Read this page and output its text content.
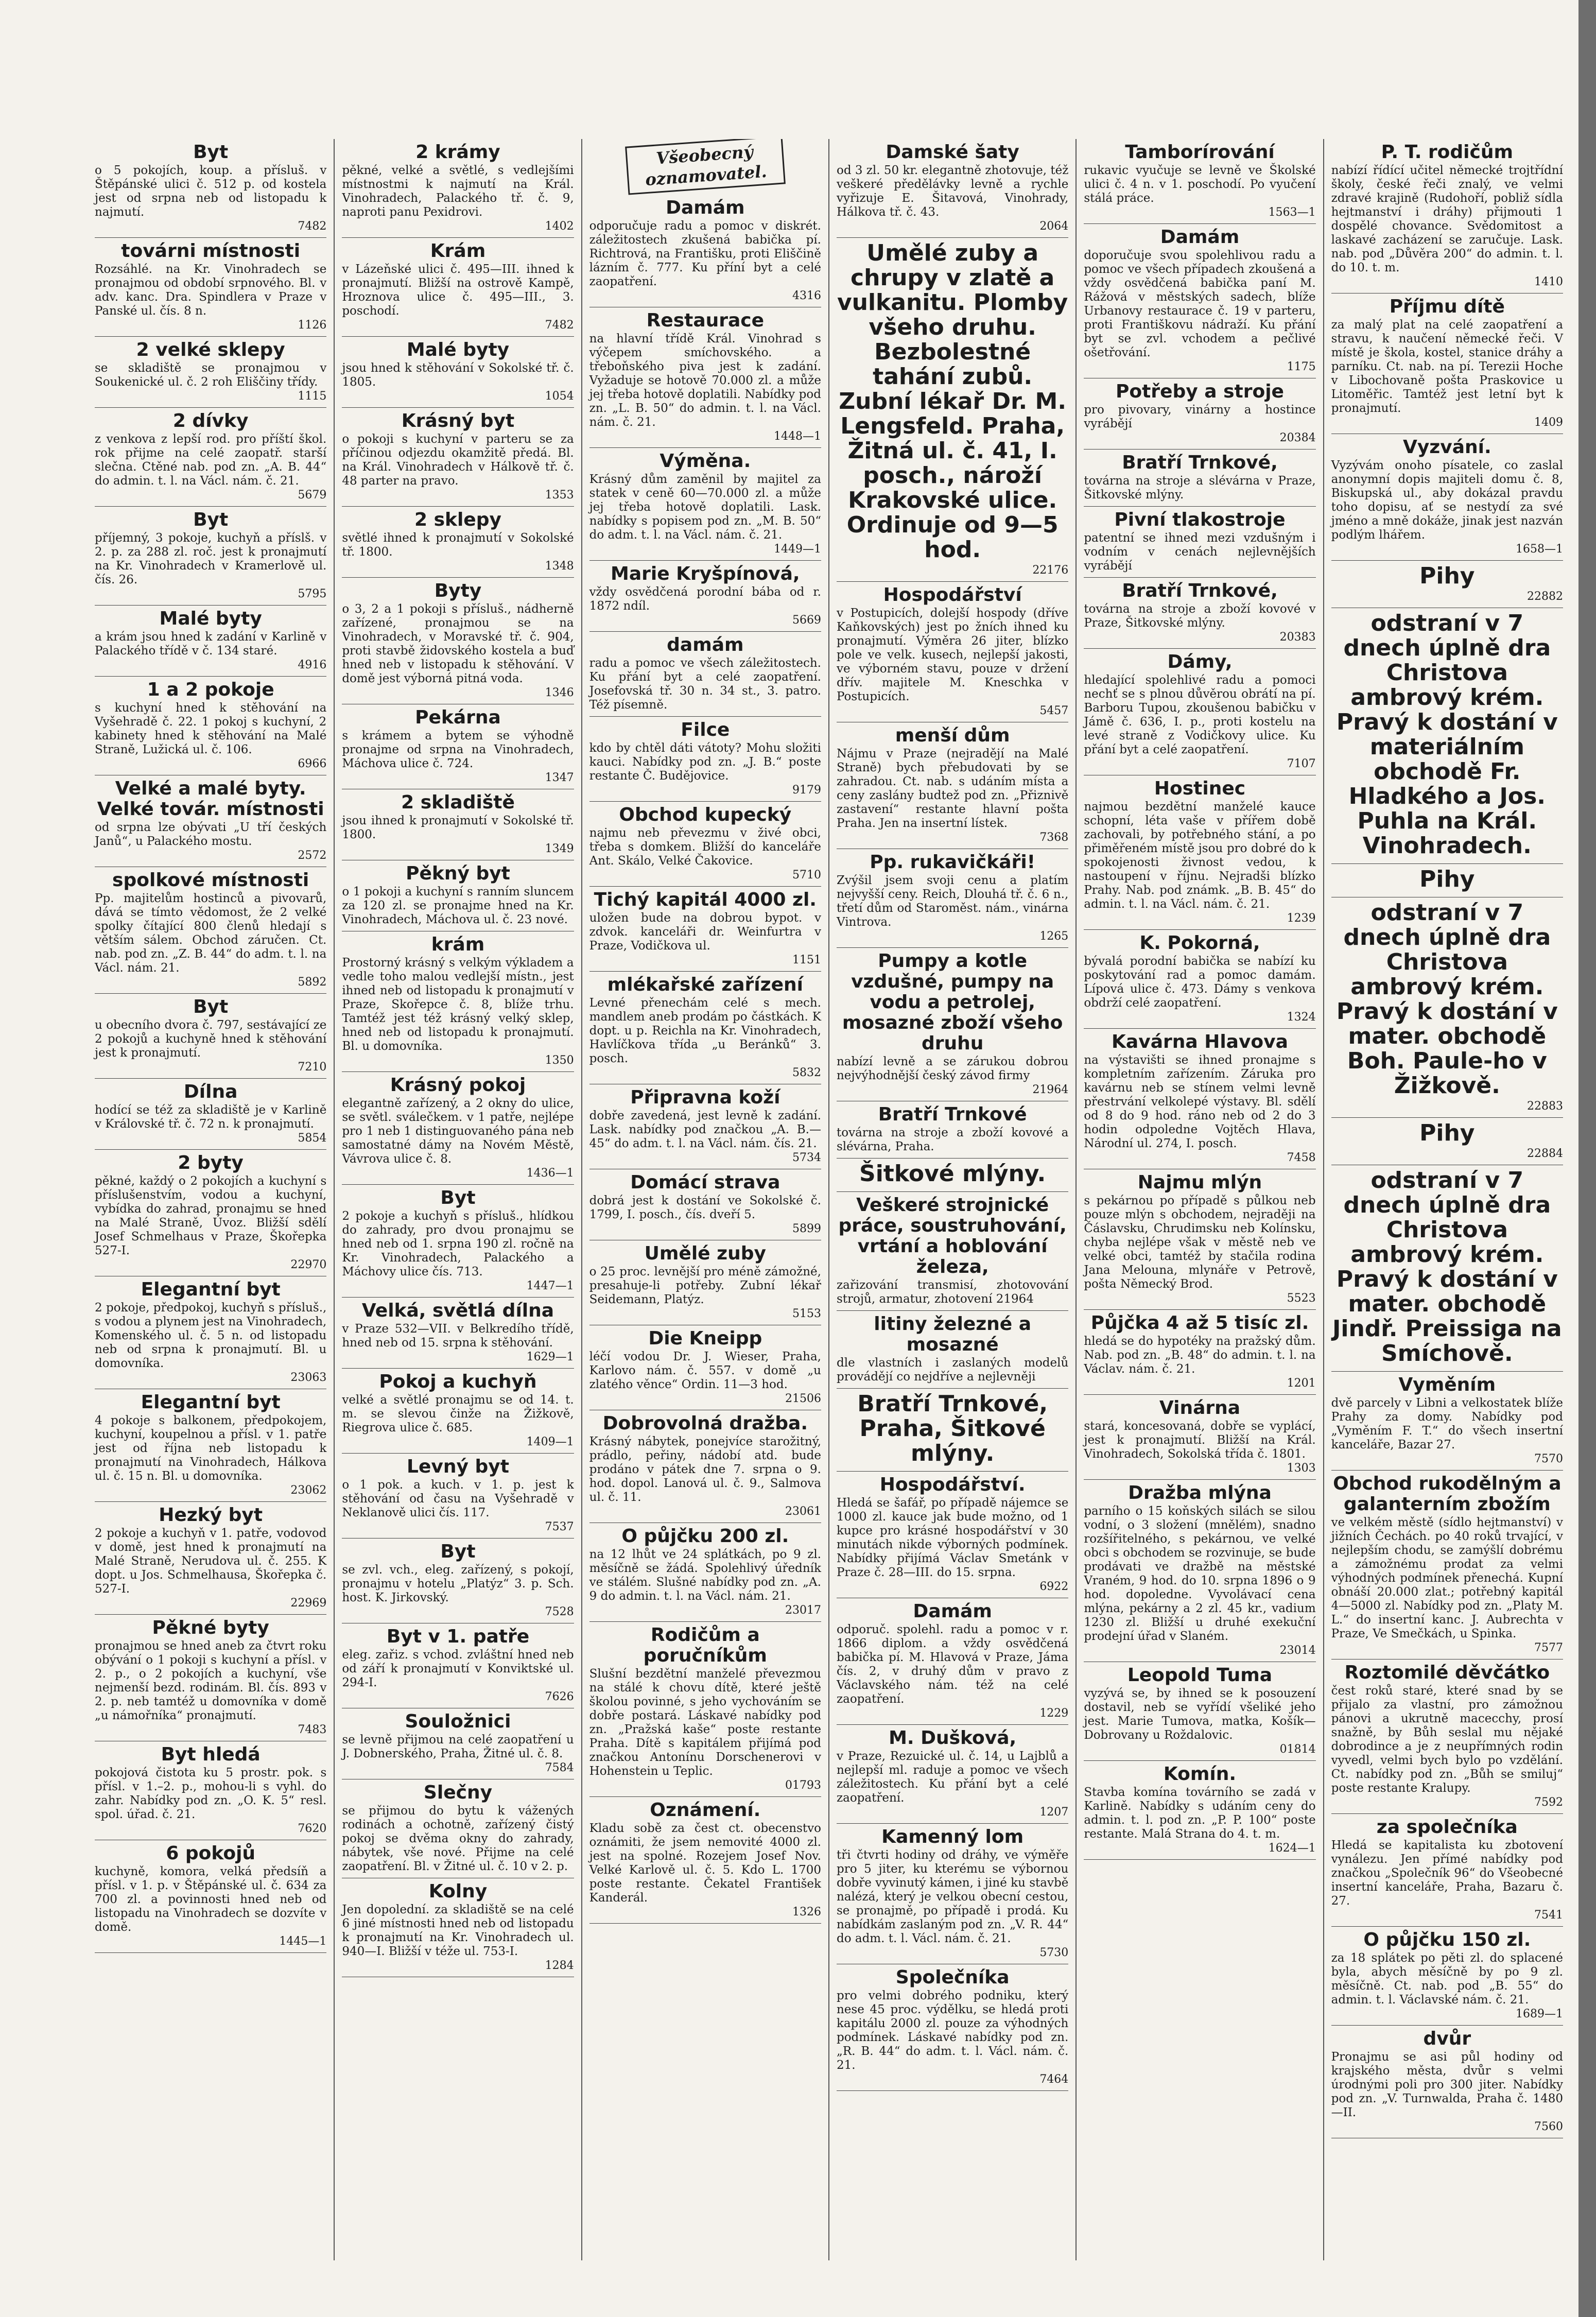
Byt
o 5 pokojích, koup. a přísluš. v Štěpánské ulici č. 512 p. od kostela jest od srpna neb od listopadu k najmutí.
7482
továrni místnosti
Rozsáhlé. na Kr. Vinohradech se pronajmou od období srpnového. Bl. v adv. kanc. Dra. Spindlera v Praze v Panské ul. čís. 8 n.
1126
2 velké sklepy
se skladiště se pronajmou v Soukenické ul. č. 2 roh Eliščiny třídy.
1115
2 dívky
z venkova z lepší rod. pro příští škol. rok přijme na celé zaopatř. starší slečna. Ctěné nab. pod zn. „A. B. 44“ do admin. t. l. na Václ. nám. č. 21.
5679
Byt
příjemný, 3 pokoje, kuchyň a příslš. v 2. p. za 288 zl. roč. jest k pronajmutí na Kr. Vinohradech v Kramerlově ul. čís. 26.
5795
Malé byty
a krám jsou hned k zadání v Karlině v Palackého třídě v č. 134 staré.
4916
1 a 2 pokoje
s kuchyní hned k stěhování na Vyšehradě č. 22. 1 pokoj s kuchyní, 2 kabinety hned k stěhování na Malé Straně, Lužická ul. č. 106.
6966
Velké a malé byty. Velké továr. místnosti
od srpna lze obývati „U tří českých Janů“, u Palackého mostu.
2572
spolkové místnosti
Pp. majitelům hostinců a pivovarů, dává se tímto vědomost, že 2 velké spolky čítající 800 členů hledají s větším sálem. Obchod záručen. Ct. nab. pod zn. „Z. B. 44“ do adm. t. l. na Václ. nám. 21.
5892
Byt
u obecního dvora č. 797, sestávající ze 2 pokojů a kuchyně hned k stěhování jest k pronajmutí.
7210
Dílna
hodící se též za skladiště je v Karlině v Královské tř. č. 72 n. k pronajmutí.
5854
2 byty
pěkné, každý o 2 pokojích a kuchyní s příslušenstvím, vodou a kuchyní, vybídka do zahrad, pronajmu se hned na Malé Straně, Úvoz. Bližší sdělí Josef Schmelhaus v Praze, Škořepka 527-I.
22970
Elegantní byt
2 pokoje, předpokoj, kuchyň s přísluš., s vodou a plynem jest na Vinohradech, Komenského ul. č. 5 n. od listopadu neb od srpna k pronajmutí. Bl. u domovníka.
23063
Elegantní byt
4 pokoje s balkonem, předpokojem, kuchyní, koupelnou a přísl. v 1. patře jest od října neb listopadu k pronajmutí na Vinohradech, Hálkova ul. č. 15 n. Bl. u domovníka.
23062
Hezký byt
2 pokoje a kuchyň v 1. patře, vodovod v domě, jest hned k pronajmutí na Malé Straně, Nerudova ul. č. 255. K dopt. u Jos. Schmelhausa, Škořepka č. 527-I.
22969
Pěkné byty
pronajmou se hned aneb za čtvrt roku obývání o 1 pokoji s kuchyní a přísl. v 2. p., o 2 pokojích a kuchyní, vše nejmenší bezd. rodinám. Bl. čís. 893 v 2. p. neb tamtéž u domovníka v domě „u námořníka“ pronajmutí.
7483
Byt hledá
pokojová čistota ku 5 prostr. pok. s přísl. v 1.–2. p., mohou-li s vyhl. do zahr. Nabídky pod zn. „O. K. 5“ resl. spol. úřad. č. 21.
7620
6 pokojů
kuchyně, komora, velká předsíň a přísl. v 1. p. v Štěpánské ul. č. 634 za 700 zl. a povinnosti hned neb od listopadu na Vinohradech se dozvíte v domě.
1445—1
2 krámy
pěkné, velké a světlé, s vedlejšími místnostmi k najmutí na Král. Vinohradech, Palackého tř. č. 9, naproti panu Pexidrovi.
1402
Krám
v Lázeňské ulici č. 495—III. ihned k pronajmutí. Bližší na ostrově Kampě, Hroznova ulice č. 495—III., 3. poschodí.
7482
Malé byty
jsou hned k stěhování v Sokolské tř. č. 1805.
1054
Krásný byt
o pokoji s kuchyní v parteru se za příčinou odjezdu okamžitě předá. Bl. na Král. Vinohradech v Hálkově tř. č. 48 parter na pravo.
1353
2 sklepy
světlé ihned k pronajmutí v Sokolské tř. 1800.
1348
Byty
o 3, 2 a 1 pokoji s přísluš., nádherně zařízené, pronajmou se na Vinohradech, v Moravské tř. č. 904, proti stavbě židovského kostela a buď hned neb v listopadu k stěhování. V domě jest výborná pitná voda.
1346
Pekárna
s krámem a bytem se výhodně pronajme od srpna na Vinohradech, Máchova ulice č. 724.
1347
2 skladiště
jsou ihned k pronajmutí v Sokolské tř. 1800.
1349
Pěkný byt
o 1 pokoji a kuchyní s ranním sluncem za 120 zl. se pronajme hned na Kr. Vinohradech, Máchova ul. č. 23 nové.
krám
Prostorný krásný s velkým výkladem a vedle toho malou vedlejší místn., jest ihned neb od listopadu k pronajmutí v Praze, Skořepce č. 8, blíže trhu. Tamtéž jest též krásný velký sklep, hned neb od listopadu k pronajmutí. Bl. u domovníka.
1350
Krásný pokoj
elegantně zařízený, a 2 okny do ulice, se světl. sválečkem. v 1 patře, nejlépe pro 1 neb 1 distinguovaného pána neb samostatné dámy na Novém Městě, Vávrova ulice č. 8.
1436—1
Byt
2 pokoje a kuchyň s přísluš., hlídkou do zahrady, pro dvou pronajmu se hned neb od 1. srpna 190 zl. ročně na Kr. Vinohradech, Palackého a Máchovy ulice čís. 713.
1447—1
Velká, světlá dílna
v Praze 532—VII. v Belkredího třídě, hned neb od 15. srpna k stěhování.
1629—1
Pokoj a kuchyň
velké a světlé pronajmu se od 14. t. m. se slevou činže na Žižkově, Riegrova ulice č. 685.
1409—1
Levný byt
o 1 pok. a kuch. v 1. p. jest k stěhování od času na Vyšehradě v Neklanově ulici čís. 117.
7537
Byt
se zvl. vch., eleg. zařízený, s pokojí, pronajmu v hotelu „Platýz“ 3. p. Sch. host. K. Jirkovský.
7528
Byt v 1. patře
eleg. zařiz. s vchod. zvláštní hned neb od září k pronajmutí v Konviktské ul. 294-I.
7626
Souložnici
se levně přijmou na celé zaopatření u J. Dobnerského, Praha, Žitné ul. č. 8.
7584
Slečny
se přijmou do bytu k vážených rodinách a ochotně, zařízený čistý pokoj se dvěma okny do zahrady, nábytek, vše nové. Přijme na celé zaopatření. Bl. v Žitné ul. č. 10 v 2. p.
Kolny
Jen dopolední. za skladiště se na celé 6 jiné místnosti hned neb od listopadu k pronajmutí na Kr. Vinohradech ul. 940—I. Bližší v téže ul. 753-I.
1284
Všeobecný
oznamovatel.
Damám
odporučuje radu a pomoc v diskrét. záležitostech zkušená babička pí. Richtrová, na Františku, proti Eliščině lázním č. 777. Ku příní byt a celé zaopatření.
4316
Restaurace
na hlavní třídě Král. Vinohrad s výčepem smíchovského. a třeboňského piva jest k zadání. Vyžaduje se hotově 70.000 zl. a může jej třeba hotově doplatili. Nabídky pod zn. „L. B. 50“ do admin. t. l. na Václ. nám. č. 21.
1448—1
Výměna.
Krásný dům zaměnil by majitel za statek v ceně 60—70.000 zl. a může jej třeba hotově doplatili. Lask. nabídky s popisem pod zn. „M. B. 50“ do adm. t. l. na Václ. nám. č. 21.
1449—1
Marie Kryšpínová,
vždy osvědčená porodní bába od r. 1872 ndíl.
5669
damám
radu a pomoc ve všech záležitostech. Ku přání byt a celé zaopatření. Josefovská tř. 30 n. 34 st., 3. patro. Též písemně.
Filce
kdo by chtěl dáti vátoty? Mohu složiti kauci. Nabídky pod zn. „J. B.“ poste restante Č. Budějovice.
9179
Obchod kupecký
najmu neb převezmu v živé obci, třeba s domkem. Bližší do kanceláře Ant. Skálo, Velké Čakovice.
5710
Tichý kapitál 4000 zl.
uložen bude na dobrou bypot. v zdvok. kanceláři dr. Weinfurtra v Praze, Vodičkova ul.
1151
mlékařské zařízení
Levné přenechám celé s mech. mandlem aneb prodám po částkách. K dopt. u p. Reichla na Kr. Vinohradech, Havlíčkova třída „u Beránků“ 3. posch.
5832
Připravna koží
dobře zavedená, jest levně k zadání. Lask. nabídky pod značkou „A. B.—45“ do adm. t. l. na Václ. nám. čís. 21.
5734
Domácí strava
dobrá jest k dostání ve Sokolské č. 1799, I. posch., čís. dveří 5.
5899
Umělé zuby
o 25 proc. levnější pro méně zámožné, presahuje-li potřeby. Zubní lékař Seidemann, Platýz.
5153
Die Kneipp
léčí vodou Dr. J. Wieser, Praha, Karlovo nám. č. 557. v domě „u zlatého věnce“ Ordin. 11—3 hod.
21506
Dobrovolná dražba.
Krásný nábytek, ponejvíce starožitný, prádlo, peřiny, nádobí atd. bude prodáno v pátek dne 7. srpna o 9. hod. dopol. Lanová ul. č. 9., Salmova ul. č. 11.
23061
O půjčku 200 zl.
na 12 lhůt ve 24 splátkách, po 9 zl. měsíčně se žádá. Spolehlivý úředník ve stálém. Slušné nabídky pod zn. „A. 9 do admin. t. l. na Václ. nám. 21.
23017
Rodičům a poručníkům
Slušní bezdětní manželé převezmou na stálé k chovu dítě, které ještě školou povinné, s jeho vychováním se dobře postará. Láskavé nabídky pod zn. „Pražská kaše“ poste restante Praha. Dítě s kapitálem přijímá pod značkou Antonínu Dorschenerovi v Hohenstein u Teplic.
01793
Oznámení.
Kladu sobě za čest ct. obecenstvo oznámiti, že jsem nemovité 4000 zl. jest na spolné. Rozejem Josef Nov. Velké Karlově ul. č. 5. Kdo L. 1700 poste restante. Čekatel František Kanderál.
1326
Damské šaty
od 3 zl. 50 kr. elegantně zhotovuje, též veškeré předělávky levně a rychle vyřizuje E. Šitavová, Vinohrady, Hálkova tř. č. 43.
2064
Umělé zuby a chrupy v zlatě a vulkanitu. Plomby všeho druhu. Bezbolestné tahání zubů. Zubní lékař Dr. M. Lengsfeld. Praha, Žitná ul. č. 41, I. posch., nároží Krakovské ulice. Ordinuje od 9—5 hod.
22176
Hospodářství
v Postupicích, dolejší hospody (dříve Kaňkovských) jest po žních ihned ku pronajmutí. Výměra 26 jiter, blízko pole ve velk. kusech, nejlepší jakosti, ve výborném stavu, pouze v držení dřív. majitele M. Kneschka v Postupicích.
5457
menší dům
Nájmu v Praze (nejradějí na Malé Straně) bych přebudovati by se zahradou. Ct. nab. s udáním místa a ceny zaslány budtež pod zn. „Přiznivě zastavení“ restante hlavní pošta Praha. Jen na insertní lístek.
7368
Pp. rukavičkáři!
Zvýšil jsem svoji cenu a platím nejvyšší ceny. Reich, Dlouhá tř. č. 6 n., třetí dům od Staroměst. nám., vinárna Vintrova.
1265
Pumpy a kotle vzdušné, pumpy na vodu a petrolej, mosazné zboží všeho druhu
nabízí levně a se zárukou dobrou nejvýhodnější český závod firmy
21964
Bratří Trnkové
továrna na stroje a zboží kovové a slévárna, Praha.
Šitkové mlýny.
Veškeré strojnické práce, soustruhování, vrtání a hoblování železa,
zařizování transmisí, zhotovování strojů, armatur, zhotovení 21964
litiny železné a mosazné
dle vlastních i zaslaných modelů provádějí co nejdříve a nejlevněji
Bratří Trnkové, Praha, Šitkové mlýny.
Hospodářství.
Hledá se šafář, po případě nájemce se 1000 zl. kauce jak bude možno, od 1 kupce pro krásné hospodářství v 30 minutách nikde výborných podmínek. Nabídky přijímá Václav Smetánk v Praze č. 28—III. do 15. srpna.
6922
Damám
odporuč. spolehl. radu a pomoc v r. 1866 diplom. a vždy osvědčená babička pí. M. Hlavová v Praze, Jáma čís. 2, v druhý dům v pravo z Václavského nám. též na celé zaopatření.
1229
M. Dušková,
v Praze, Rezuické ul. č. 14, u Lajblů a nejlepší ml. raduje a pomoc ve všech záležitostech. Ku přání byt a celé zaopatření.
1207
Kamenný lom
tři čtvrti hodiny od dráhy, ve výměře pro 5 jiter, ku kterému se výbornou dobře vyvinutý kámen, i jiné ku stavbě nalézá, který je velkou obecní cestou, se pronajmě, po případě i prodá. Ku nabídkám zaslaným pod zn. „V. R. 44“ do adm. t. l. Václ. nám. č. 21.
5730
Společníka
pro velmi dobrého podniku, který nese 45 proc. výdělku, se hledá proti kapitálu 2000 zl. pouze za výhodných podmínek. Láskavé nabídky pod zn. „R. B. 44“ do adm. t. l. Václ. nám. č. 21.
7464
Tamborírování
rukavic vyučuje se levně ve Školské ulici č. 4 n. v 1. poschodí. Po vyučení stálá práce.
1563—1
Damám
doporučuje svou spolehlivou radu a pomoc ve všech případech zkoušená a vždy osvědčená babička paní M. Rážová v městských sadech, blíže Urbanovy restaurace č. 19 v parteru, proti Františkovu nádraží. Ku přání byt se zvl. vchodem a pečlivé ošetřování.
1175
Potřeby a stroje
pro pivovary, vinárny a hostince vyrábějí
20384
Bratří Trnkové,
továrna na stroje a slévárna v Praze, Šitkovské mlýny.
Pivní tlakostroje
patentní se ihned mezi vzdušným i vodním v cenách nejlevnějších vyrábějí
Bratří Trnkové,
továrna na stroje a zboží kovové v Praze, Šitkovské mlýny.
20383
Dámy,
hledající spolehlivé radu a pomoci nechť se s plnou důvěrou obrátí na pí. Barboru Tupou, zkoušenou babičku v Jámě č. 636, I. p., proti kostelu na levé straně z Vodičkovy ulice. Ku přání byt a celé zaopatření.
7107
Hostinec
najmou bezdětní manželé kauce schopní, léta vaše v přířem době zachovali, by potřebného stání, a po přiměřeném místě jsou pro dobré do k spokojenosti živnost vedou, k nastoupení v říjnu. Nejradši blízko Prahy. Nab. pod známk. „B. B. 45“ do admin. t. l. na Václ. nám. č. 21.
1239
K. Pokorná,
bývalá porodní babička se nabízí ku poskytování rad a pomoc damám. Lípová ulice č. 473. Dámy s venkova obdrží celé zaopatření.
1324
Kavárna Hlavova
na výstavišti se ihned pronajme s kompletním zařízením. Záruka pro kavárnu neb se stínem velmi levně přestrvání velkolepé výstavy. Bl. sdělí od 8 do 9 hod. ráno neb od 2 do 3 hodin odpoledne Vojtěch Hlava, Národní ul. 274, I. posch.
7458
Najmu mlýn
s pekárnou po případě s půlkou neb pouze mlýn s obchodem, nejraději na Čáslavsku, Chrudimsku neb Kolínsku, chyba nejlépe však v městě neb ve velké obci, tamtéž by stačila rodina Jana Melouna, mlynáře v Petrově, pošta Německý Brod.
5523
Půjčka 4 až 5 tisíc zl.
hledá se do hypotéky na pražský dům. Nab. pod zn. „B. 48“ do admin. t. l. na Václav. nám. č. 21.
1201
Vinárna
stará, koncesovaná, dobře se vyplácí, jest k pronajmutí. Bližší na Král. Vinohradech, Sokolská třída č. 1801.
1303
Dražba mlýna
parního o 15 koňských silách se silou vodní, o 3 složení (mnělém), snadno rozšířitelného, s pekárnou, ve velké obci s obchodem se rozvinuje, se bude prodávati ve dražbě na městské Vraném, 9 hod. do 10. srpna 1896 o 9 hod. dopoledne. Vyvolávací cena mlýna, pekárny a 2 zl. 45 kr., vadium 1230 zl. Bližší u druhé exekuční prodejní úřad v Slaném.
23014
Leopold Tuma
vyzývá se, by ihned se k posouzení dostavil, neb se vyřídí všeliké jeho jest. Marie Tumova, matka, Košík—Dobrovany u Roždalovic.
01814
Komín.
Stavba komína továrního se zadá v Karlině. Nabídky s udáním ceny do admin. t. l. pod zn. „P. P. 100“ poste restante. Malá Strana do 4. t. m.
1624—1
P. T. rodičům
nabízí řídící učitel německé trojtřídní školy, české řeči znalý, ve velmi zdravé krajině (Rudohoří, pobliž sídla hejtmanství i dráhy) přijmouti 1 dospělé chovance. Svědomitost a laskavé zacházení se zaručuje. Lask. nab. pod „Důvěra 200“ do admin. t. l. do 10. t. m.
1410
Příjmu dítě
za malý plat na celé zaopatření a stravu, k naučení německé řeči. V místě je škola, kostel, stanice dráhy a parníku. Ct. nab. na pí. Terezii Hoche v Libochovaně pošta Praskovice u Litoměřic. Tamtéž jest letní byt k pronajmutí.
1409
Vyzvání.
Vyzývám onoho písatele, co zaslal anonymní dopis majiteli domu č. 8, Biskupská ul., aby dokázal pravdu toho dopisu, ať se nestydí za své jméno a mně dokáže, jinak jest nazván podlým lhářem.
1658—1
Pihy
22882
odstraní v 7 dnech úplně dra Christova ambrový krém. Pravý k dostání v materiálním obchodě Fr. Hladkého a Jos. Puhla na Král. Vinohradech.
Pihy
odstraní v 7 dnech úplně dra Christova ambrový krém. Pravý k dostání v mater. obchodě Boh. Paule-ho v Žižkově.
22883
Pihy
22884
odstraní v 7 dnech úplně dra Christova ambrový krém. Pravý k dostání v mater. obchodě Jindř. Preissiga na Smíchově.
Vyměním
dvě parcely v Libni a velkostatek blíže Prahy za domy. Nabídky pod „Vyměním F. T.“ do všech insertní kanceláře, Bazar 27.
7570
Obchod rukodělným a galanterním zbožím
ve velkém městě (sídlo hejtmanství) v jižních Čechách. po 40 roků trvající, v nejlepším chodu, se zamýšlí dobrému a zámožnému prodat za velmi výhodných podmínek přenechá. Kupní obnáší 20.000 zlat.; potřebný kapitál 4—5000 zl. Nabídky pod zn. „Platy M. L.“ do insertní kanc. J. Aubrechta v Praze, Ve Smečkách, u Spinka.
7577
Roztomilé děvčátko
čest roků staré, které snad by se přijalo za vlastní, pro zámožnou pánovi a ukrutně macecchy, prosí snažně, by Bůh seslal mu nějaké dobrodince a je z neupřímných rodin vyvedl, velmi bych bylo po vzdělání. Ct. nabídky pod zn. „Bůh se smiluj“ poste restante Kralupy.
7592
za společníka
Hledá se kapitalista ku zbotovení vynálezu. Jen přímé nabídky pod značkou „Společník 96“ do Všeobecné insertní kanceláře, Praha, Bazaru č. 27.
7541
O půjčku 150 zl.
za 18 splátek po pěti zl. do splacené byla, abych měsíčně by po 9 zl. měsíčně. Ct. nab. pod „B. 55“ do admin. t. l. Václavské nám. č. 21.
1689—1
dvůr
Pronajmu se asi půl hodiny od krajského města, dvůr s velmi úrodnými poli pro 300 jiter. Nabídky pod zn. „V. Turnwalda, Praha č. 1480—II.
7560
